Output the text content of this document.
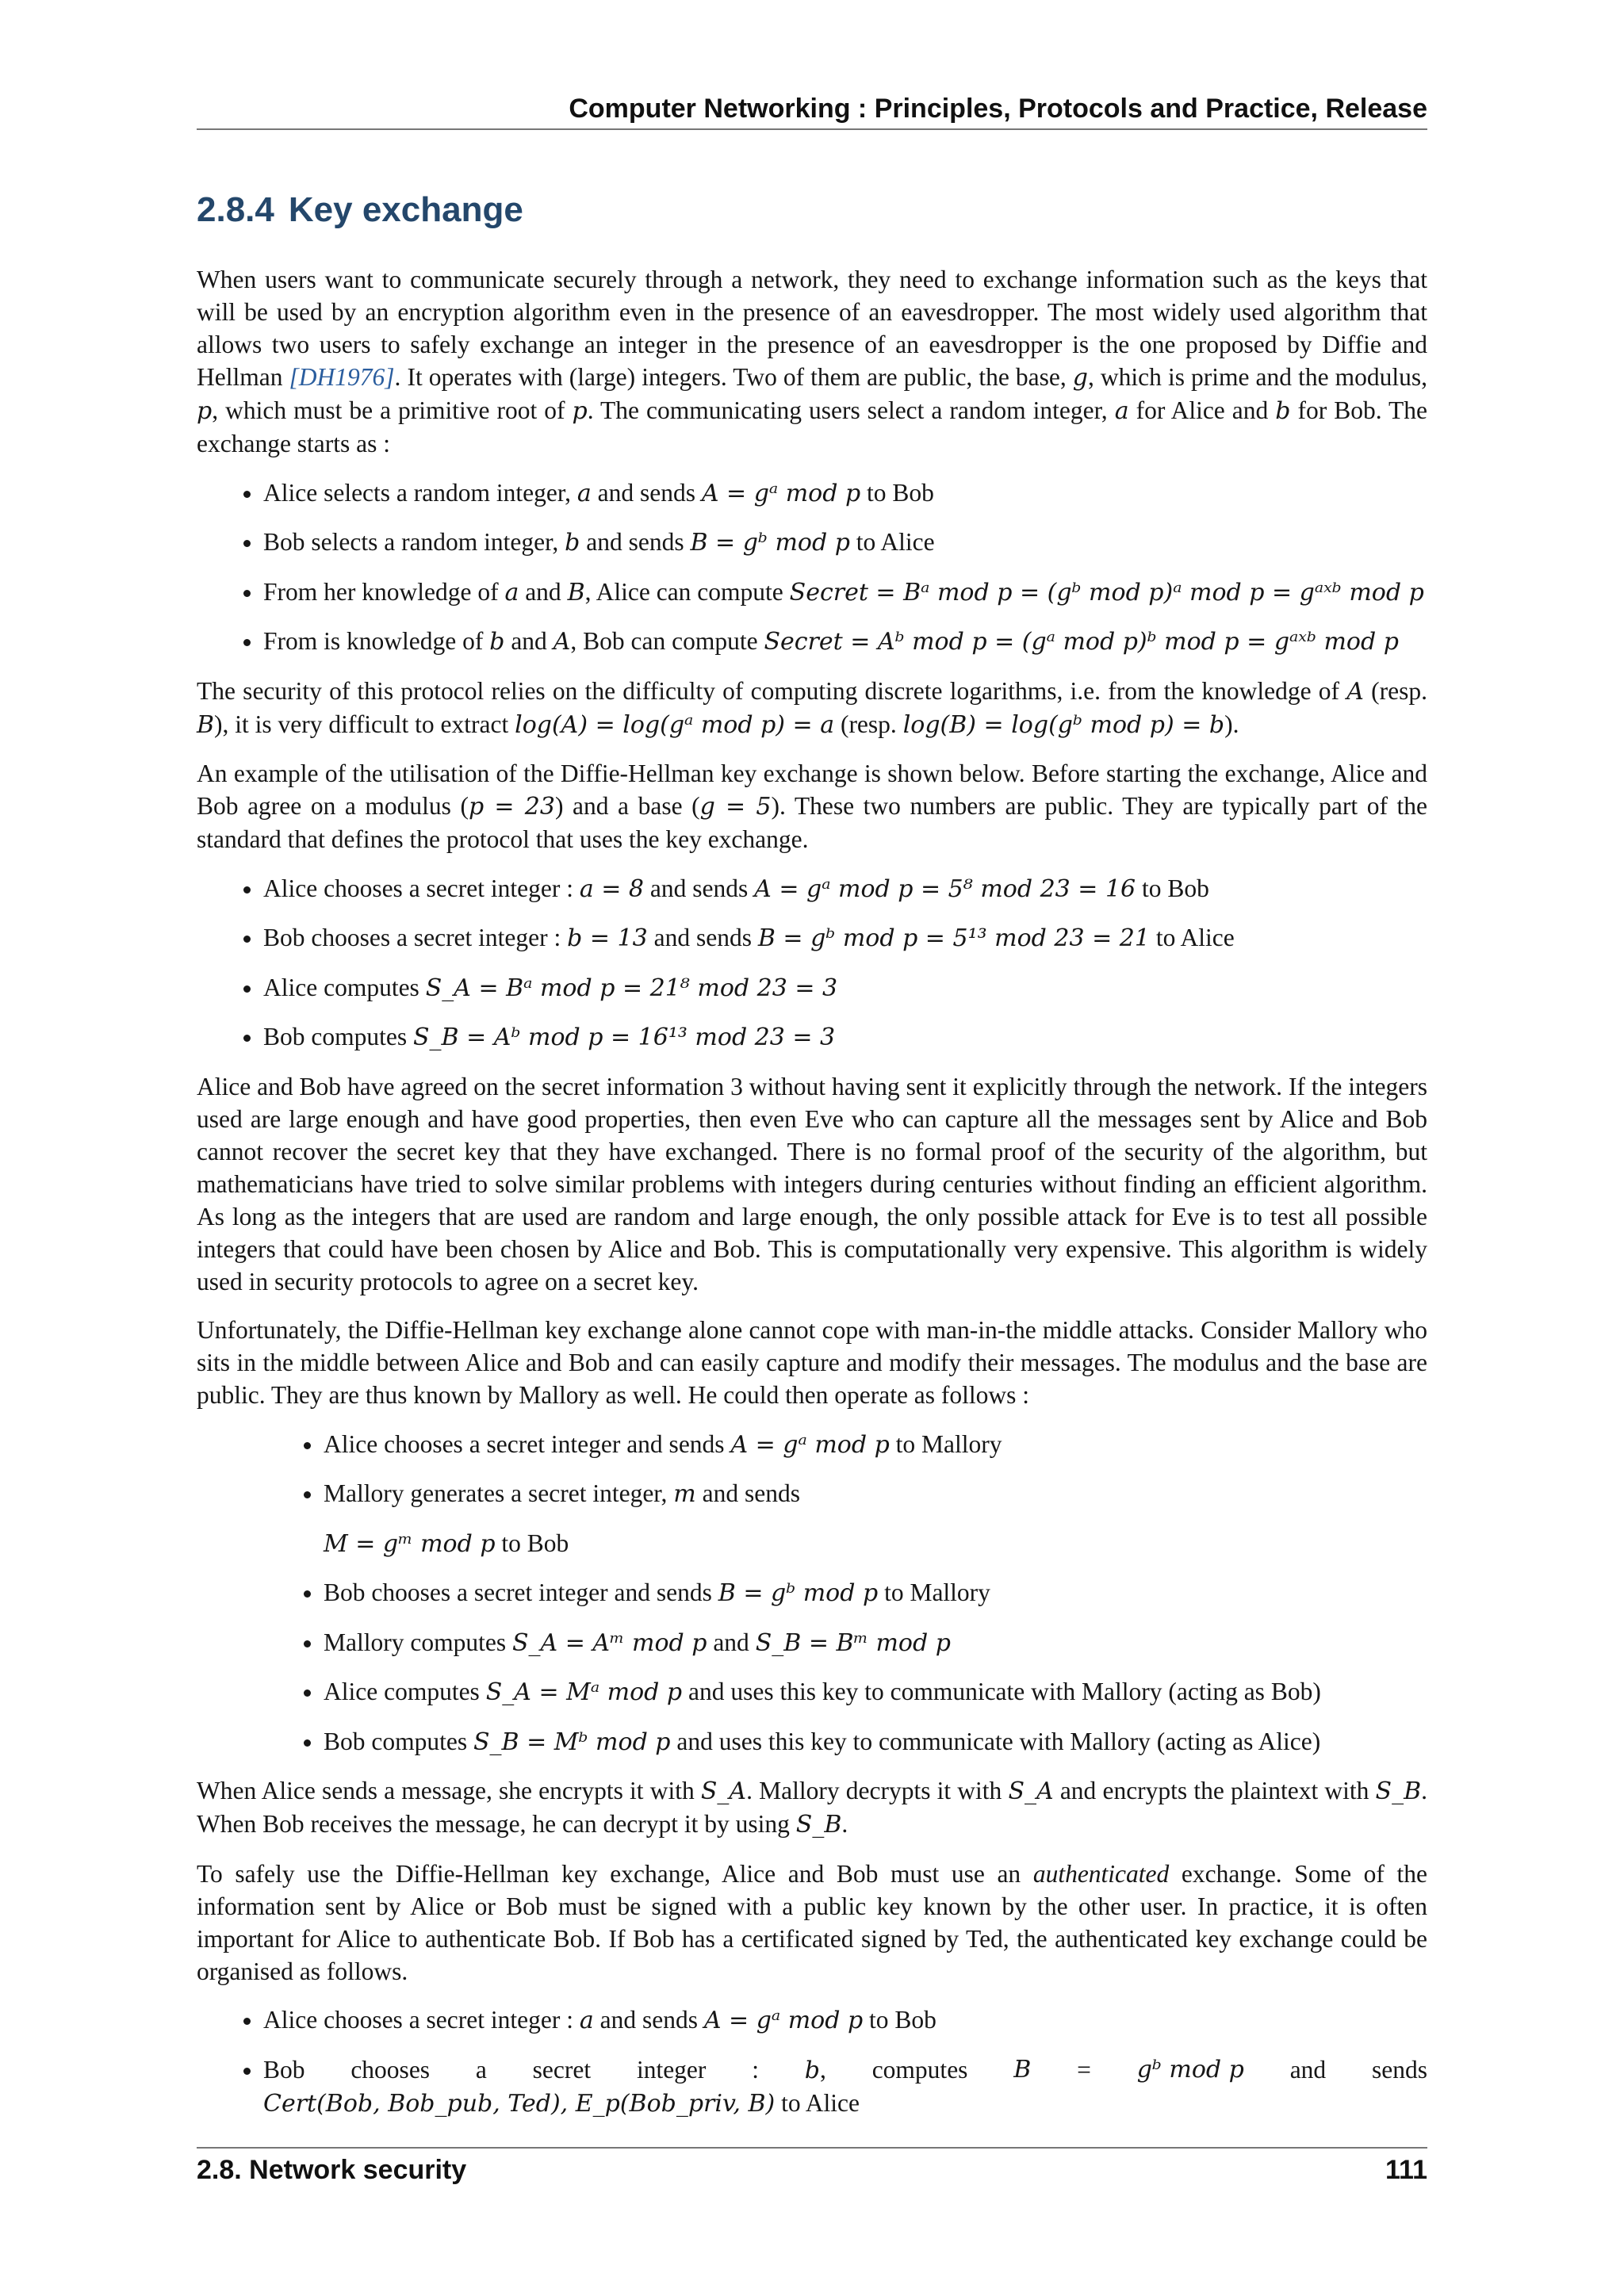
Computer Networking : Principles, Protocols and Practice, Release
2.8.4 Key exchange

When users want to communicate securely through a network, they need to exchange information such as the keys that will be used by an encryption algorithm even in the presence of an eavesdropper. The most widely used algorithm that allows two users to safely exchange an integer in the presence of an eavesdropper is the one proposed by Diffie and Hellman [DH1976]. It operates with (large) integers. Two of them are public, the base, g, which is prime and the modulus, p, which must be a primitive root of p. The communicating users select a random integer, a for Alice and b for Bob. The exchange starts as :

• Alice selects a random integer, a and sends A = gᵃ mod p to Bob
• Bob selects a random integer, b and sends B = gᵇ mod p to Alice
• From her knowledge of a and B, Alice can compute Secret = Bᵃ mod p = (gᵇ mod p)ᵃ mod p = gᵃˣᵇ mod p
• From is knowledge of b and A, Bob can compute Secret = Aᵇ mod p = (gᵃ mod p)ᵇ mod p = gᵃˣᵇ mod p

The security of this protocol relies on the difficulty of computing discrete logarithms, i.e. from the knowledge of A (resp. B), it is very difficult to extract log(A) = log(gᵃ mod p) = a (resp. log(B) = log(gᵇ mod p) = b).

An example of the utilisation of the Diffie-Hellman key exchange is shown below. Before starting the exchange, Alice and Bob agree on a modulus (p = 23) and a base (g = 5). These two numbers are public. They are typically part of the standard that defines the protocol that uses the key exchange.

• Alice chooses a secret integer : a = 8 and sends A = gᵃ mod p = 5⁸ mod 23 = 16 to Bob
• Bob chooses a secret integer : b = 13 and sends B = gᵇ mod p = 5¹³ mod 23 = 21 to Alice
• Alice computes S_A = Bᵃ mod p = 21⁸ mod 23 = 3
• Bob computes S_B = Aᵇ mod p = 16¹³ mod 23 = 3

Alice and Bob have agreed on the secret information 3 without having sent it explicitly through the network. If the integers used are large enough and have good properties, then even Eve who can capture all the messages sent by Alice and Bob cannot recover the secret key that they have exchanged. There is no formal proof of the security of the algorithm, but mathematicians have tried to solve similar problems with integers during centuries without finding an efficient algorithm. As long as the integers that are used are random and large enough, the only possible attack for Eve is to test all possible integers that could have been chosen by Alice and Bob. This is computationally very expensive. This algorithm is widely used in security protocols to agree on a secret key.

Unfortunately, the Diffie-Hellman key exchange alone cannot cope with man-in-the middle attacks. Consider Mallory who sits in the middle between Alice and Bob and can easily capture and modify their messages. The modulus and the base are public. They are thus known by Mallory as well. He could then operate as follows :

• Alice chooses a secret integer and sends A = gᵃ mod p to Mallory
• Mallory generates a secret integer, m and sends
M = gᵐ mod p to Bob
• Bob chooses a secret integer and sends B = gᵇ mod p to Mallory
• Mallory computes S_A = Aᵐ mod p and S_B = Bᵐ mod p
• Alice computes S_A = Mᵃ mod p and uses this key to communicate with Mallory (acting as Bob)
• Bob computes S_B = Mᵇ mod p and uses this key to communicate with Mallory (acting as Alice)

When Alice sends a message, she encrypts it with S_A. Mallory decrypts it with S_A and encrypts the plaintext with S_B. When Bob receives the message, he can decrypt it by using S_B.

To safely use the Diffie-Hellman key exchange, Alice and Bob must use an authenticated exchange. Some of the information sent by Alice or Bob must be signed with a public key known by the other user. In practice, it is often important for Alice to authenticate Bob. If Bob has a certificated signed by Ted, the authenticated key exchange could be organised as follows.

• Alice chooses a secret integer : a and sends A = gᵃ mod p to Bob
• Bob chooses a secret integer : b, computes B = gᵇ mod p and sends
Cert(Bob, Bob_pub, Ted), E_p(Bob_priv, B) to Alice
2.8. Network security	111
